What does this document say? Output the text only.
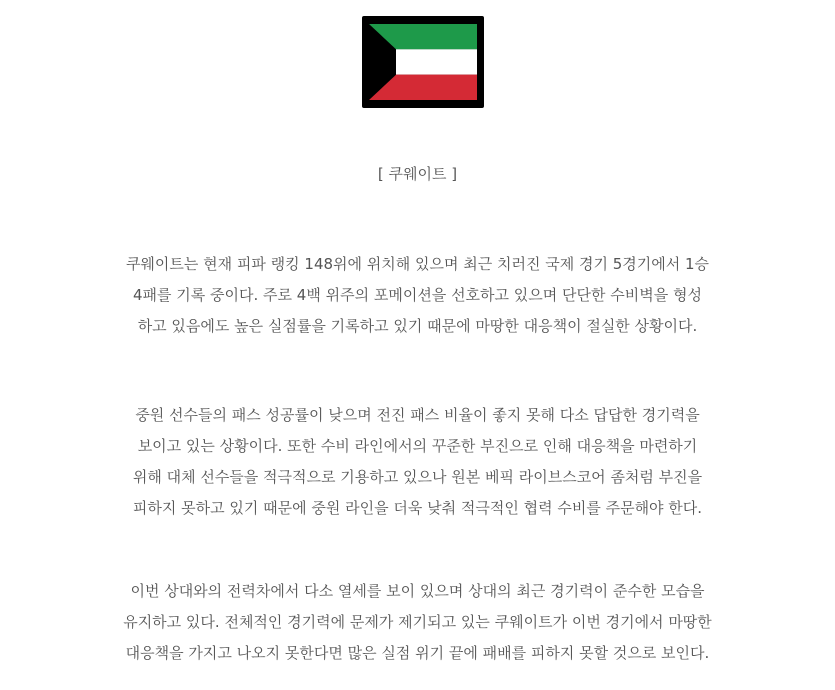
[ 쿠웨이트 ]

쿠웨이트는 현재 피파 랭킹 148위에 위치해 있으며 최근 치러진 국제 경기 5경기에서 1승
4패를 기록 중이다. 주로 4백 위주의 포메이션을 선호하고 있으며 단단한 수비벽을 형성
하고 있음에도 높은 실점률을 기록하고 있기 때문에 마땅한 대응책이 절실한 상황이다.

중원 선수들의 패스 성공률이 낮으며 전진 패스 비율이 좋지 못해 다소 답답한 경기력을
보이고 있는 상황이다. 또한 수비 라인에서의 꾸준한 부진으로 인해 대응책을 마련하기
위해 대체 선수들을 적극적으로 기용하고 있으나 원본 베픽 라이브스코어 좀처럼 부진을
피하지 못하고 있기 때문에 중원 라인을 더욱 낮춰 적극적인 협력 수비를 주문해야 한다.

이번 상대와의 전력차에서 다소 열세를 보이 있으며 상대의 최근 경기력이 준수한 모습을
유지하고 있다. 전체적인 경기력에 문제가 제기되고 있는 쿠웨이트가 이번 경기에서 마땅한
대응책을 가지고 나오지 못한다면 많은 실점 위기 끝에 패배를 피하지 못할 것으로 보인다.
